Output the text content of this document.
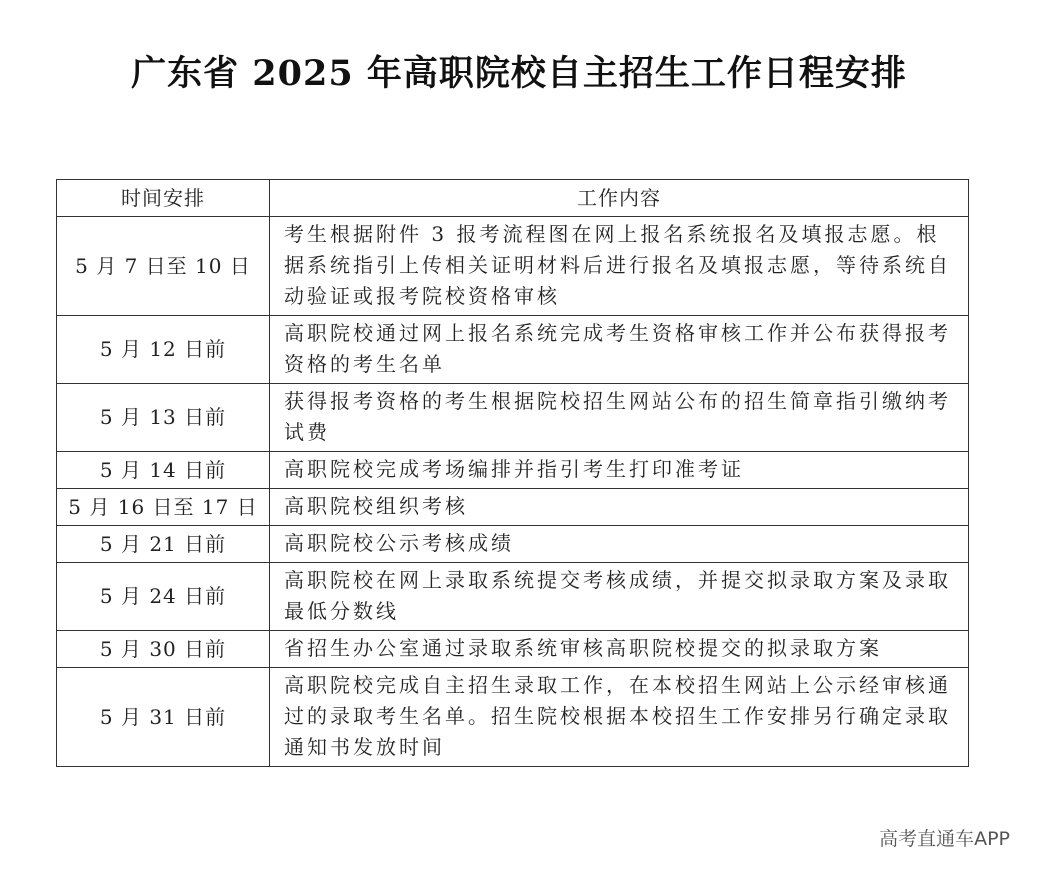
广东省 2025 年高职院校自主招生工作日程安排
时间安排	工作内容
5 月 7 日至 10 日	考生根据附件 3 报考流程图在网上报名系统报名及填报志愿。根据系统指引上传相关证明材料后进行报名及填报志愿，等待系统自动验证或报考院校资格审核
5 月 12 日前	高职院校通过网上报名系统完成考生资格审核工作并公布获得报考资格的考生名单
5 月 13 日前	获得报考资格的考生根据院校招生网站公布的招生简章指引缴纳考试费
5 月 14 日前	高职院校完成考场编排并指引考生打印准考证
5 月 16 日至 17 日	高职院校组织考核
5 月 21 日前	高职院校公示考核成绩
5 月 24 日前	高职院校在网上录取系统提交考核成绩，并提交拟录取方案及录取最低分数线
5 月 30 日前	省招生办公室通过录取系统审核高职院校提交的拟录取方案
5 月 31 日前	高职院校完成自主招生录取工作，在本校招生网站上公示经审核通过的录取考生名单。招生院校根据本校招生工作安排另行确定录取通知书发放时间
高考直通车APP
